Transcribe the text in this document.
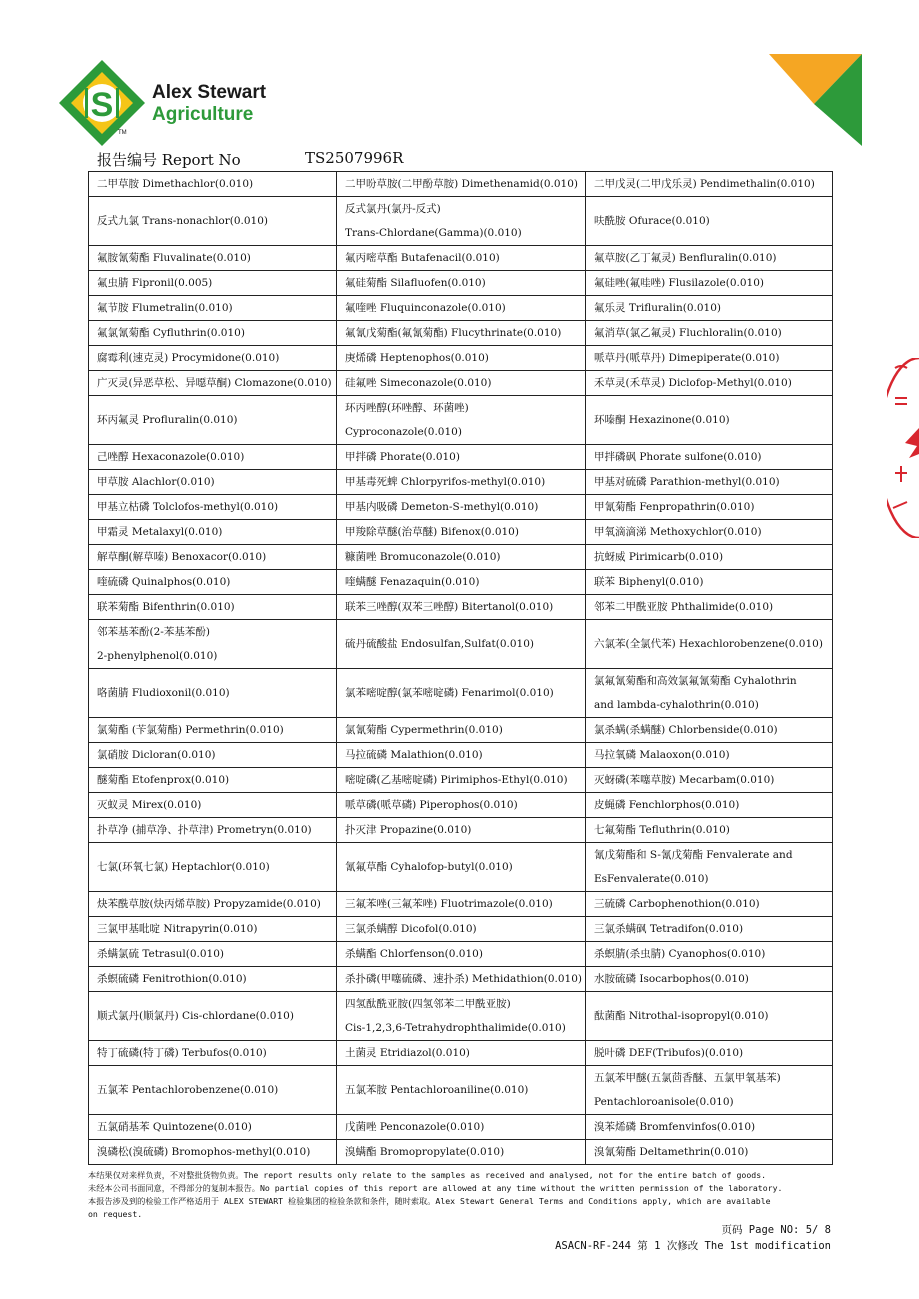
S Alex Stewart
Agriculture
TM
报告编号 Report No	TS2507996R
二甲草胺 Dimethachlor(0.010)	二甲吩草胺(二甲酚草胺) Dimethenamid(0.010)	二甲戊灵(二甲戊乐灵) Pendimethalin(0.010)

反式九氯 Trans-nonachlor(0.010)	反式氯丹(氯丹-反式)
Trans-Chlordane(Gamma)(0.010)	呋酰胺 Ofurace(0.010)

氟胺氰菊酯 Fluvalinate(0.010)	氟丙嘧草酯 Butafenacil(0.010)	氟草胺(乙丁氟灵) Benfluralin(0.010)

氟虫腈 Fipronil(0.005)	氟硅菊酯 Silafluofen(0.010)	氟硅唑(氟哇唑) Flusilazole(0.010)

氟节胺 Flumetralin(0.010)	氟喹唑 Fluquinconazole(0.010)	氟乐灵 Trifluralin(0.010)

氟氯氰菊酯 Cyfluthrin(0.010)	氟氰戊菊酯(氟氰菊酯) Flucythrinate(0.010)	氟消草(氯乙氟灵) Fluchloralin(0.010)

腐霉利(速克灵) Procymidone(0.010)	庚烯磷 Heptenophos(0.010)	哌草丹(哌草丹) Dimepiperate(0.010)

广灭灵(异恶草松、异噁草酮) Clomazone(0.010)	硅氟唑 Simeconazole(0.010)	禾草灵(禾草灵) Diclofop-Methyl(0.010)

环丙氟灵 Profluralin(0.010)	环丙唑醇(环唑醇、环菌唑)
Cyproconazole(0.010)	环嗪酮 Hexazinone(0.010)

己唑醇 Hexaconazole(0.010)	甲拌磷 Phorate(0.010)	甲拌磷砜 Phorate sulfone(0.010)

甲草胺 Alachlor(0.010)	甲基毒死蜱 Chlorpyrifos-methyl(0.010)	甲基对硫磷 Parathion-methyl(0.010)

甲基立枯磷 Tolclofos-methyl(0.010)	甲基内吸磷 Demeton-S-methyl(0.010)	甲氰菊酯 Fenpropathrin(0.010)

甲霜灵 Metalaxyl(0.010)	甲羧除草醚(治草醚) Bifenox(0.010)	甲氧滴滴涕 Methoxychlor(0.010)

解草酮(解草嗪) Benoxacor(0.010)	糠菌唑 Bromuconazole(0.010)	抗蚜威 Pirimicarb(0.010)

喹硫磷 Quinalphos(0.010)	喹螨醚 Fenazaquin(0.010)	联苯 Biphenyl(0.010)

联苯菊酯 Bifenthrin(0.010)	联苯三唑醇(双苯三唑醇) Bitertanol(0.010)	邻苯二甲酰亚胺 Phthalimide(0.010)

邻苯基苯酚(2-苯基苯酚)
2-phenylphenol(0.010)	硫丹硫酸盐 Endosulfan,Sulfat(0.010)	六氯苯(全氯代苯) Hexachlorobenzene(0.010)

咯菌腈 Fludioxonil(0.010)	氯苯嘧啶醇(氯苯嘧啶磷) Fenarimol(0.010)	氯氟氰菊酯和高效氯氟氰菊酯 Cyhalothrin
and lambda-cyhalothrin(0.010)

氯菊酯 (苄氯菊酯) Permethrin(0.010)	氯氰菊酯 Cypermethrin(0.010)	氯杀螨(杀螨醚) Chlorbenside(0.010)

氯硝胺 Dicloran(0.010)	马拉硫磷 Malathion(0.010)	马拉氧磷 Malaoxon(0.010)

醚菊酯 Etofenprox(0.010)	嘧啶磷(乙基嘧啶磷) Pirimiphos-Ethyl(0.010)	灭蚜磷(苯噻草胺) Mecarbam(0.010)

灭蚁灵 Mirex(0.010)	哌草磷(哌草磷) Piperophos(0.010)	皮蝇磷 Fenchlorphos(0.010)

扑草净 (捕草净、扑草津) Prometryn(0.010)	扑灭津 Propazine(0.010)	七氟菊酯 Tefluthrin(0.010)

七氯(环氧七氯) Heptachlor(0.010)	氰氟草酯 Cyhalofop-butyl(0.010)	氰戊菊酯和 S-氰戊菊酯 Fenvalerate and
EsFenvalerate(0.010)

炔苯酰草胺(炔丙烯草胺) Propyzamide(0.010)	三氟苯唑(三氟苯唑) Fluotrimazole(0.010)	三硫磷 Carbophenothion(0.010)

三氯甲基吡啶 Nitrapyrin(0.010)	三氯杀螨醇 Dicofol(0.010)	三氯杀螨砜 Tetradifon(0.010)

杀螨氯硫 Tetrasul(0.010)	杀螨酯 Chlorfenson(0.010)	杀螟腈(杀虫腈) Cyanophos(0.010)

杀螟硫磷 Fenitrothion(0.010)	杀扑磷(甲噻硫磷、速扑杀) Methidathion(0.010)	水胺硫磷 Isocarbophos(0.010)

顺式氯丹(顺氯丹) Cis-chlordane(0.010)	四氢酞酰亚胺(四氢邻苯二甲酰亚胺)
Cis-1,2,3,6-Tetrahydrophthalimide(0.010)	酞菌酯 Nitrothal-isopropyl(0.010)

特丁硫磷(特丁磷) Terbufos(0.010)	土菌灵 Etridiazol(0.010)	脱叶磷 DEF(Tribufos)(0.010)

五氯苯 Pentachlorobenzene(0.010)	五氯苯胺 Pentachloroaniline(0.010)	五氯苯甲醚(五氯茴香醚、五氯甲氧基苯)
Pentachloroanisole(0.010)

五氯硝基苯 Quintozene(0.010)	戊菌唑 Penconazole(0.010)	溴苯烯磷 Bromfenvinfos(0.010)

溴磷松(溴硫磷) Bromophos-methyl(0.010)	溴螨酯 Bromopropylate(0.010)	溴氰菊酯 Deltamethrin(0.010)
本结果仅对来样负责，不对整批货物负责。The report results only relate to the samples as received and analysed, not for the entire batch of goods.
未经本公司书面同意，不得部分的复制本报告。No partial copies of this report are allowed at any time without the written permission of the laboratory.
本报告涉及到的检验工作严格适用于 ALEX STEWART 检验集团的检验条款和条件，随时索取。Alex Stewart General Terms and Conditions apply, which are available
on request.
页码 Page NO: 5/ 8
ASACN-RF-244 第 1 次修改 The 1st modification
